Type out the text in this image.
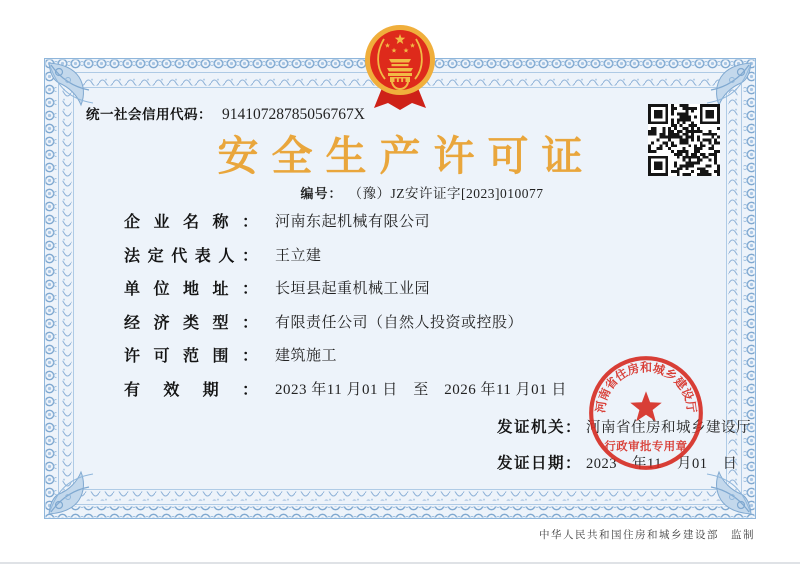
统一社会信用代码： 91410728785056767X
安全生产许可证
编号： （豫）JZ安许证字[2023]010077
企 业 名 称 ： 河南东起机械有限公司
法 定 代 表 人 ： 王立建
单 位 地 址 ： 长垣县起重机械工业园
经 济 类 型 ： 有限责任公司（自然人投资或控股）
许 可 范 围 ： 建筑施工
有 效 期 ： 2023 年11 月01 日　至　2026 年11 月01 日
发证机关： 河南省住房和城乡建设厅
发证日期： 2023　年11　月01　日
河南省住房和城乡建设厅
行政审批专用章
中华人民共和国住房和城乡建设部　监制
